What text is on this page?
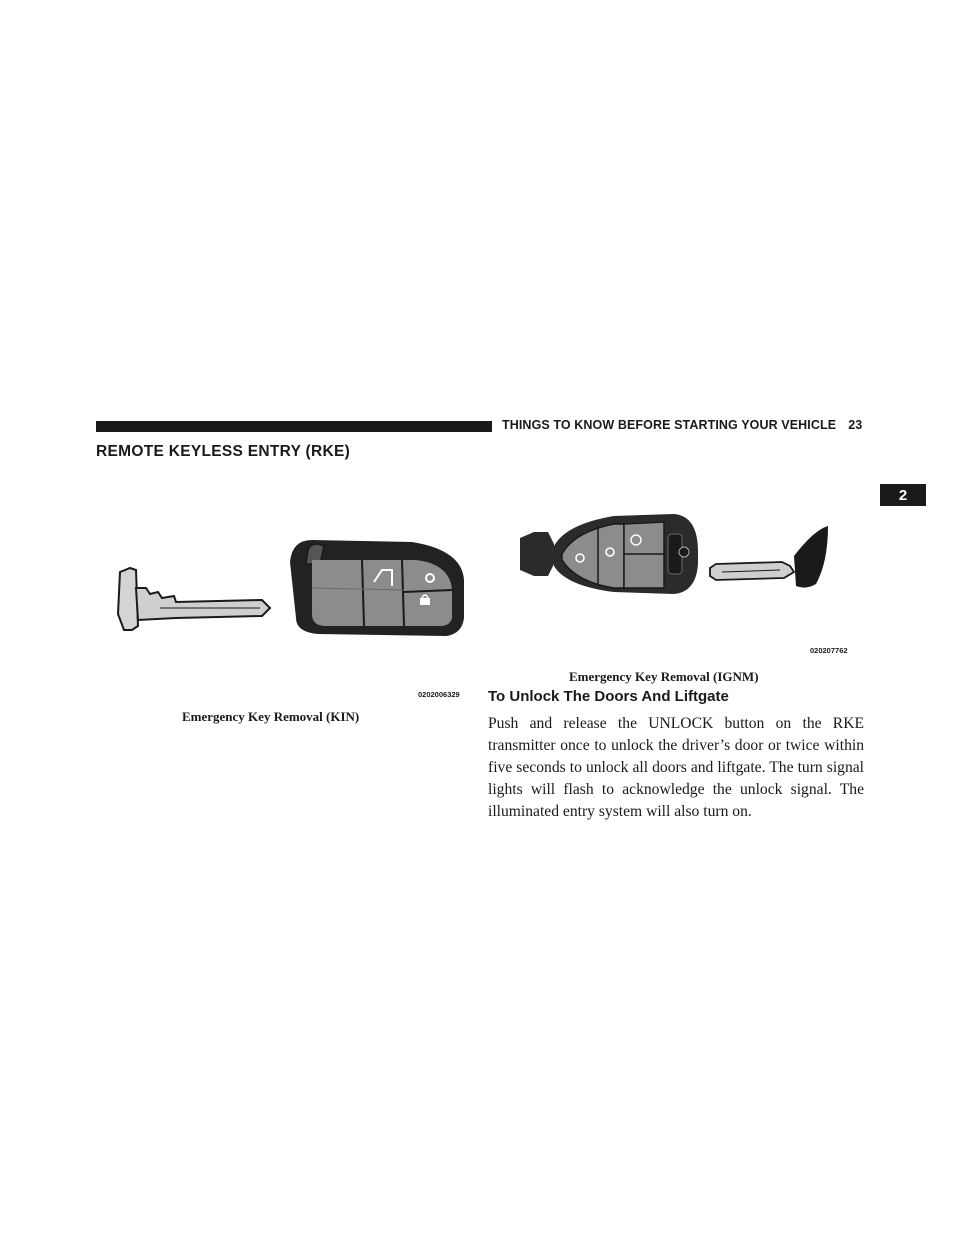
THINGS TO KNOW BEFORE STARTING YOUR VEHICLE 23
2
REMOTE KEYLESS ENTRY (RKE)
0202006329
Emergency Key Removal (KIN)
020207762
Emergency Key Removal (IGNM)
To Unlock The Doors And Liftgate
Push and release the UNLOCK button on the RKE transmitter once to unlock the driver’s door or twice within five seconds to unlock all doors and liftgate. The turn signal lights will flash to acknowledge the unlock signal. The illuminated entry system will also turn on.
